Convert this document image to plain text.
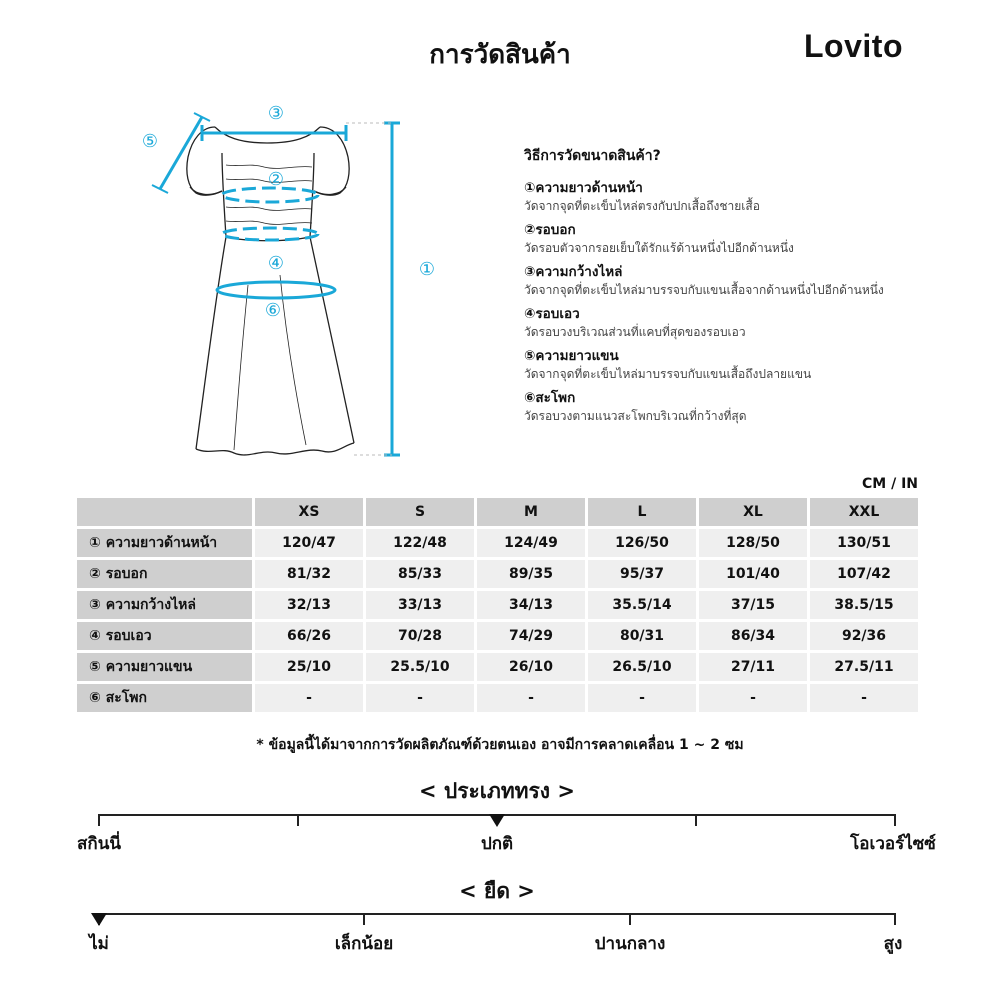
การวัดสินค้า	Lovito
①
②
③
④
⑤
⑥
วิธีการวัดขนาดสินค้า?
①ความยาวด้านหน้า
วัดจากจุดที่ตะเข็บไหล่ตรงกับปกเสื้อถึงชายเสื้อ
②รอบอก
วัดรอบตัวจากรอยเย็บใต้รักแร้ด้านหนึ่งไปอีกด้านหนึ่ง
③ความกว้างไหล่
วัดจากจุดที่ตะเข็บไหล่มาบรรจบกับแขนเสื้อจากด้านหนึ่งไปอีกด้านหนึ่ง
④รอบเอว
วัดรอบวงบริเวณส่วนที่แคบที่สุดของรอบเอว
⑤ความยาวแขน
วัดจากจุดที่ตะเข็บไหล่มาบรรจบกับแขนเสื้อถึงปลายแขน
⑥สะโพก
วัดรอบวงตามแนวสะโพกบริเวณที่กว้างที่สุด
CM / IN
	XS	S	M	L	XL	XXL
① ความยาวด้านหน้า	120/47	122/48	124/49	126/50	128/50	130/51
② รอบอก	81/32	85/33	89/35	95/37	101/40	107/42
③ ความกว้างไหล่	32/13	33/13	34/13	35.5/14	37/15	38.5/15
④ รอบเอว	66/26	70/28	74/29	80/31	86/34	92/36
⑤ ความยาวแขน	25/10	25.5/10	26/10	26.5/10	27/11	27.5/11
⑥ สะโพก	-	-	-	-	-	-
* ข้อมูลนี้ได้มาจากการวัดผลิตภัณฑ์ด้วยตนเอง อาจมีการคลาดเคลื่อน 1 ~ 2 ซม
< ประเภททรง >
สกินนี่	ปกติ	โอเวอร์ไซซ์
< ยืด >
ไม่	เล็กน้อย	ปานกลาง	สูง
